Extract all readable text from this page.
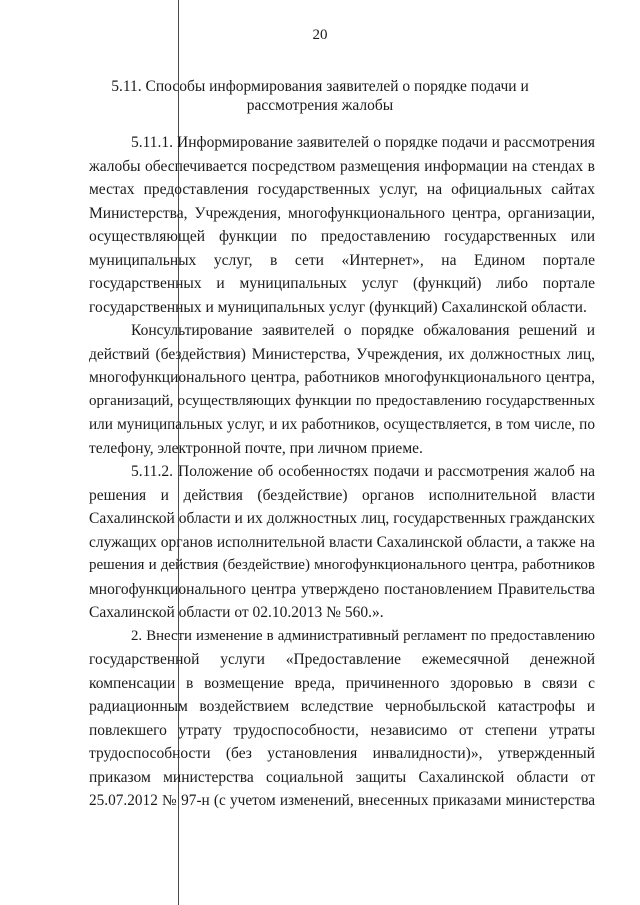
20
5.11. Способы информирования заявителей о порядке подачи и
рассмотрения жалобы
5.11.1. Информирование заявителей о порядке подачи и рассмотрения
жалобы обеспечивается посредством размещения информации на стендах в
местах предоставления государственных услуг, на официальных сайтах
Министерства, Учреждения, многофункционального центра, организации,
осуществляющей функции по предоставлению государственных или
муниципальных услуг, в сети «Интернет», на Едином портале
государственных и муниципальных услуг (функций) либо портале
государственных и муниципальных услуг (функций) Сахалинской области.
Консультирование заявителей о порядке обжалования решений и
действий (бездействия) Министерства, Учреждения, их должностных лиц,
многофункционального центра, работников многофункционального центра,
организаций, осуществляющих функции по предоставлению государственных
или муниципальных услуг, и их работников, осуществляется, в том числе, по
телефону, электронной почте, при личном приеме.
5.11.2. Положение об особенностях подачи и рассмотрения жалоб на
решения и действия (бездействие) органов исполнительной власти
Сахалинской области и их должностных лиц, государственных гражданских
служащих органов исполнительной власти Сахалинской области, а также на
решения и действия (бездействие) многофункционального центра, работников
многофункционального центра утверждено постановлением Правительства
Сахалинской области от 02.10.2013 № 560.».
2. Внести изменение в административный регламент по предоставлению
государственной услуги «Предоставление ежемесячной денежной
компенсации в возмещение вреда, причиненного здоровью в связи с
радиационным воздействием вследствие чернобыльской катастрофы и
повлекшего утрату трудоспособности, независимо от степени утраты
трудоспособности (без установления инвалидности)», утвержденный
приказом министерства социальной защиты Сахалинской области от
25.07.2012 № 97-н (с учетом изменений, внесенных приказами министерства
